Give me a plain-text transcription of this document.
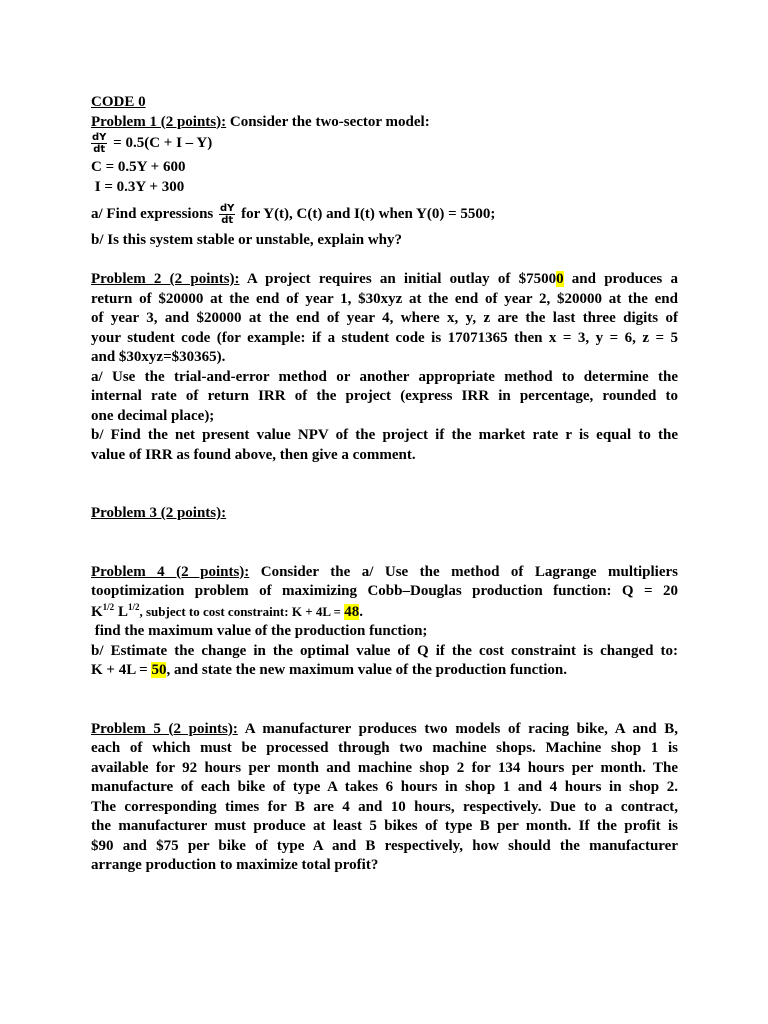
CODE 0
Problem 1 (2 points): Consider the two-sector model:
$\frac{dY}{dt} = 0.5(C + I - Y)$
C = 0.5Y + 600
I = 0.3Y + 300
a/ Find expressions $\frac{dY}{dt}$ for Y(t), C(t) and I(t) when Y(0) = 5500;
b/ Is this system stable or unstable, explain why?
Problem 2 (2 points): A project requires an initial outlay of $75000 and produces a
return of $20000 at the end of year 1, $30xyz at the end of year 2, $20000 at the end
of year 3, and $20000 at the end of year 4, where x, y, z are the last three digits of
your student code (for example: if a student code is 17071365 then x = 3, y = 6, z = 5
and $30xyz=$30365).
a/ Use the trial-and-error method or another appropriate method to determine the
internal rate of return IRR of the project (express IRR in percentage, rounded to
one decimal place);
b/ Find the net present value NPV of the project if the market rate r is equal to the
value of IRR as found above, then give a comment.
Problem 3 (2 points):
Problem 4 (2 points): Consider the a/ Use the method of Lagrange multipliers
tooptimization problem of maximizing Cobb–Douglas production function: Q = 20
$K^{1/2}$ $L^{1/2}$, subject to cost constraint: K + 4L = 48.
find the maximum value of the production function;
b/ Estimate the change in the optimal value of Q if the cost constraint is changed to:
K + 4L = 50, and state the new maximum value of the production function.
Problem 5 (2 points): A manufacturer produces two models of racing bike, A and B,
each of which must be processed through two machine shops. Machine shop 1 is
available for 92 hours per month and machine shop 2 for 134 hours per month. The
manufacture of each bike of type A takes 6 hours in shop 1 and 4 hours in shop 2.
The corresponding times for B are 4 and 10 hours, respectively. Due to a contract,
the manufacturer must produce at least 5 bikes of type B per month. If the profit is
$90 and $75 per bike of type A and B respectively, how should the manufacturer
arrange production to maximize total profit?
